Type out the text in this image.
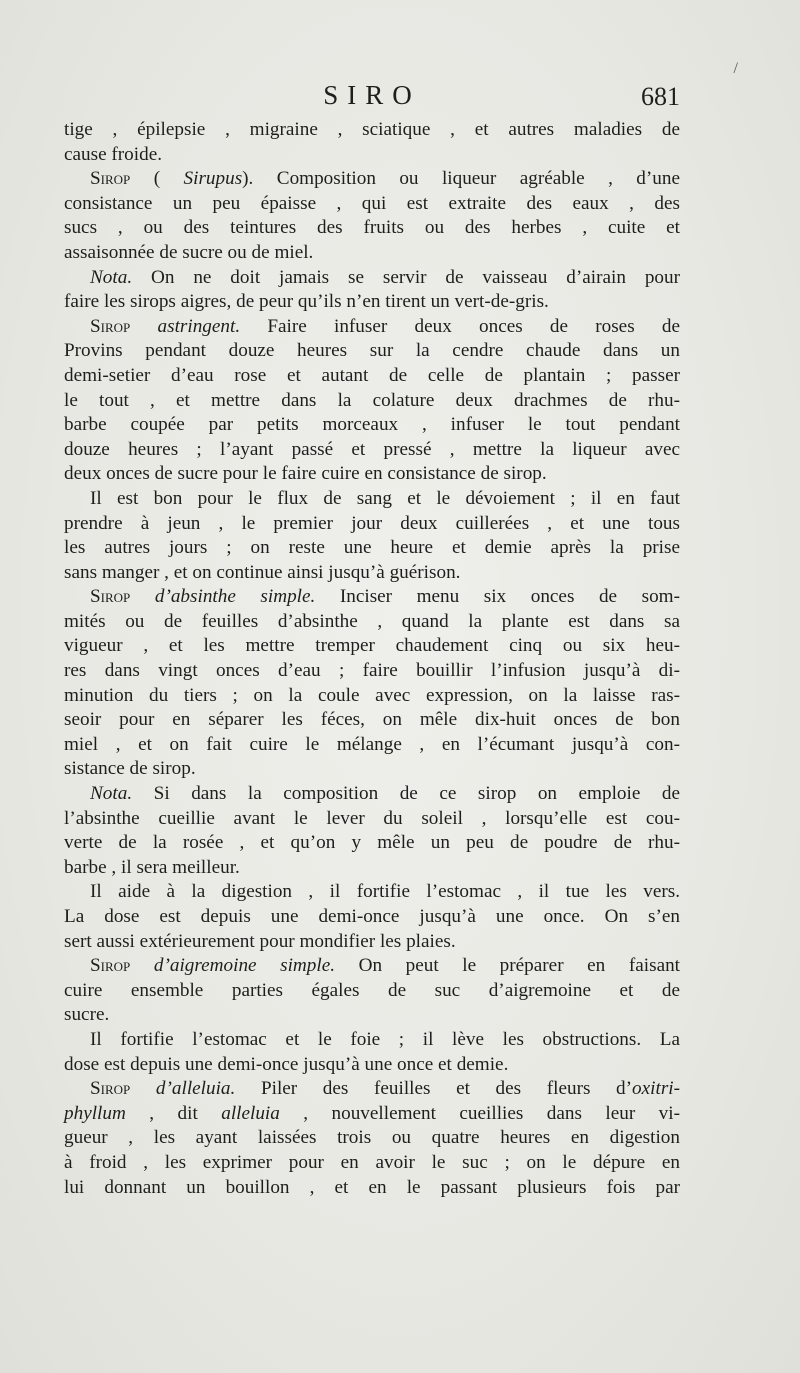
SIRO	681
/
tige , épilepsie , migraine , sciatique , et autres maladies de
cause froide.
Sirop ( Sirupus). Composition ou liqueur agréable , d’une
consistance un peu épaisse , qui est extraite des eaux , des
sucs , ou des teintures des fruits ou des herbes , cuite et
assaisonnée de sucre ou de miel.
Nota. On ne doit jamais se servir de vaisseau d’airain pour
faire les sirops aigres, de peur qu’ils n’en tirent un vert-de-gris.
Sirop astringent. Faire infuser deux onces de roses de
Provins pendant douze heures sur la cendre chaude dans un
demi-setier d’eau rose et autant de celle de plantain ; passer
le tout , et mettre dans la colature deux drachmes de rhu-
barbe coupée par petits morceaux , infuser le tout pendant
douze heures ; l’ayant passé et pressé , mettre la liqueur avec
deux onces de sucre pour le faire cuire en consistance de sirop.
Il est bon pour le flux de sang et le dévoiement ; il en faut
prendre à jeun , le premier jour deux cuillerées , et une tous
les autres jours ; on reste une heure et demie après la prise
sans manger , et on continue ainsi jusqu’à guérison.
Sirop d’absinthe simple. Inciser menu six onces de som-
mités ou de feuilles d’absinthe , quand la plante est dans sa
vigueur , et les mettre tremper chaudement cinq ou six heu-
res dans vingt onces d’eau ; faire bouillir l’infusion jusqu’à di-
minution du tiers ; on la coule avec expression, on la laisse ras-
seoir pour en séparer les féces, on mêle dix-huit onces de bon
miel , et on fait cuire le mélange , en l’écumant jusqu’à con-
sistance de sirop.
Nota. Si dans la composition de ce sirop on emploie de
l’absinthe cueillie avant le lever du soleil , lorsqu’elle est cou-
verte de la rosée , et qu’on y mêle un peu de poudre de rhu-
barbe , il sera meilleur.
Il aide à la digestion , il fortifie l’estomac , il tue les vers.
La dose est depuis une demi-once jusqu’à une once. On s’en
sert aussi extérieurement pour mondifier les plaies.
Sirop d’aigremoine simple. On peut le préparer en faisant
cuire ensemble parties égales de suc d’aigremoine et de
sucre.
Il fortifie l’estomac et le foie ; il lève les obstructions. La
dose est depuis une demi-once jusqu’à une once et demie.
Sirop d’alleluia. Piler des feuilles et des fleurs d’oxitri-
phyllum , dit alleluia , nouvellement cueillies dans leur vi-
gueur , les ayant laissées trois ou quatre heures en digestion
à froid , les exprimer pour en avoir le suc ; on le dépure en
lui donnant un bouillon , et en le passant plusieurs fois par
